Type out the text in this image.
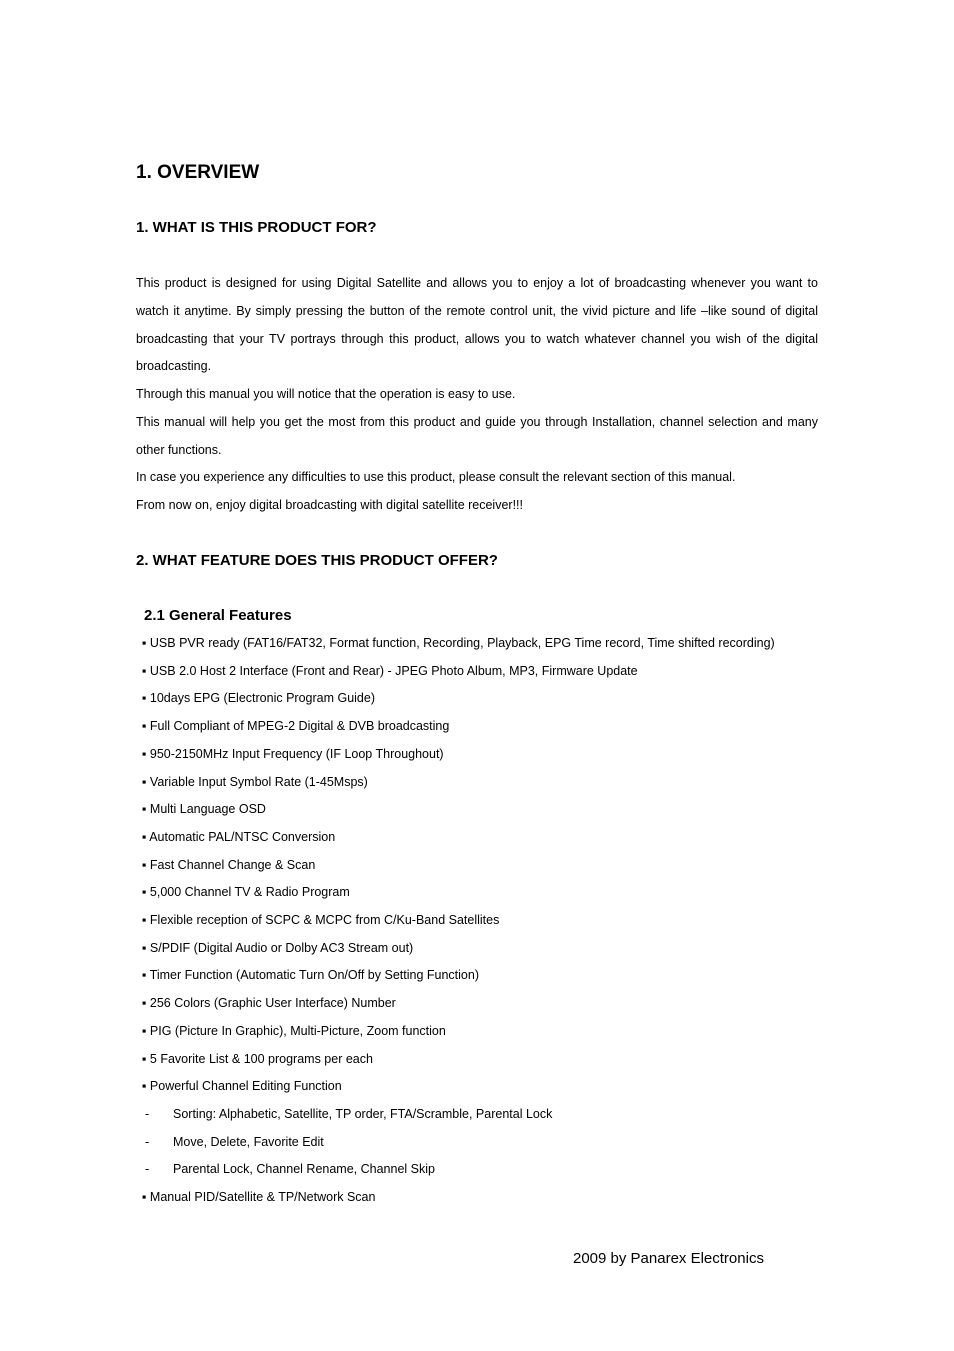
1. OVERVIEW
1. WHAT IS THIS PRODUCT FOR?

This product is designed for using Digital Satellite and allows you to enjoy a lot of broadcasting whenever you want to watch it anytime. By simply pressing the button of the remote control unit, the vivid picture and life –like sound of digital broadcasting that your TV portrays through this product, allows you to watch whatever channel you wish of the digital broadcasting.

Through this manual you will notice that the operation is easy to use.

This manual will help you get the most from this product and guide you through Installation, channel selection and many other functions.

In case you experience any difficulties to use this product, please consult the relevant section of this manual.

From now on, enjoy digital broadcasting with digital satellite receiver!!!

2. WHAT FEATURE DOES THIS PRODUCT OFFER?
2.1 General Features
▪ USB PVR ready (FAT16/FAT32, Format function, Recording, Playback, EPG Time record, Time shifted recording)
▪ USB 2.0 Host 2 Interface (Front and Rear) - JPEG Photo Album, MP3, Firmware Update
▪ 10days EPG (Electronic Program Guide)
▪ Full Compliant of MPEG-2 Digital & DVB broadcasting
▪ 950-2150MHz Input Frequency (IF Loop Throughout)
▪ Variable Input Symbol Rate (1-45Msps)
▪ Multi Language OSD
▪ Automatic PAL/NTSC Conversion
▪ Fast Channel Change & Scan
▪ 5,000 Channel TV & Radio Program
▪ Flexible reception of SCPC & MCPC from C/Ku-Band Satellites
▪ S/PDIF (Digital Audio or Dolby AC3 Stream out)
▪ Timer Function (Automatic Turn On/Off by Setting Function)
▪ 256 Colors (Graphic User Interface) Number
▪ PIG (Picture In Graphic), Multi-Picture, Zoom function
▪ 5 Favorite List & 100 programs per each
▪ Powerful Channel Editing Function
- Sorting: Alphabetic, Satellite, TP order, FTA/Scramble, Parental Lock
- Move, Delete, Favorite Edit
- Parental Lock, Channel Rename, Channel Skip
▪ Manual PID/Satellite & TP/Network Scan
2009 by Panarex Electronics
